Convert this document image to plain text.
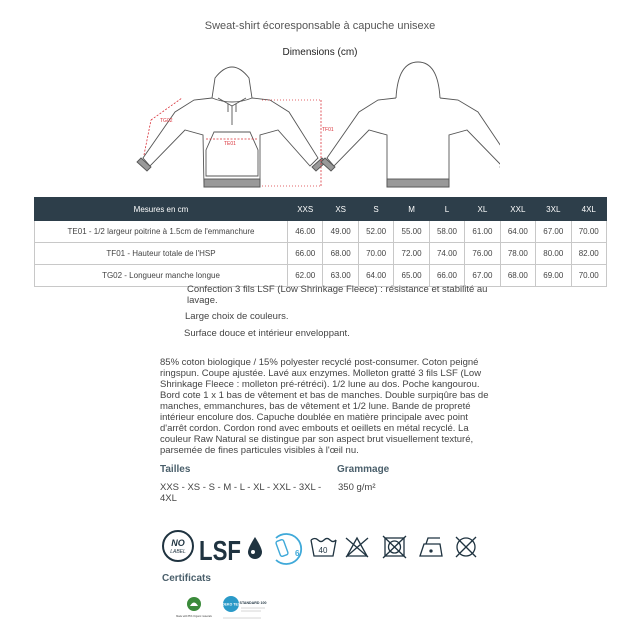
Sweat-shirt écoresponsable à capuche unisexe
Dimensions (cm)
TG02
TE01
TF01
Mesures en cm	XXS	XS	S	M	L	XL	XXL	3XL	4XL
TE01 - 1/2 largeur poitrine à 1.5cm de l'emmanchure	46.00	49.00	52.00	55.00	58.00	61.00	64.00	67.00	70.00
TF01 - Hauteur totale de l'HSP	66.00	68.00	70.00	72.00	74.00	76.00	78.00	80.00	82.00
TG02 - Longueur manche longue	62.00	63.00	64.00	65.00	66.00	67.00	68.00	69.00	70.00
Confection 3 fils LSF (Low Shrinkage Fleece) : résistance et stabilité au lavage.
Large choix de couleurs.
Surface douce et intérieur enveloppant.
85% coton biologique / 15% polyester recyclé post-consumer. Coton peigné ringspun. Coupe ajustée. Lavé aux enzymes. Molleton gratté 3 fils LSF (Low Shrinkage Fleece : molleton pré-rétréci). 1/2 lune au dos. Poche kangourou. Bord cote 1 x 1 bas de vêtement et bas de manches. Double surpiqûre bas de manches, emmanchures, bas de vêtement et 1/2 lune. Bande de propreté intérieur encolure dos. Capuche doublée en matière principale avec point d'arrêt cordon. Cordon rond avec embouts et oeillets en métal recyclé. La couleur Raw Natural se distingue par son aspect brut visuellement texturé, parsemée de fines particules visibles à l'œil nu.
Tailles	Grammage
XXS - XS - S - M - L - XL - XXL - 3XL - 4XL
350 g/m²
NO
LABEL LSF	6 40
Certificats
Made with 85% Organic materials
OEKO TEX STANDARD 100
